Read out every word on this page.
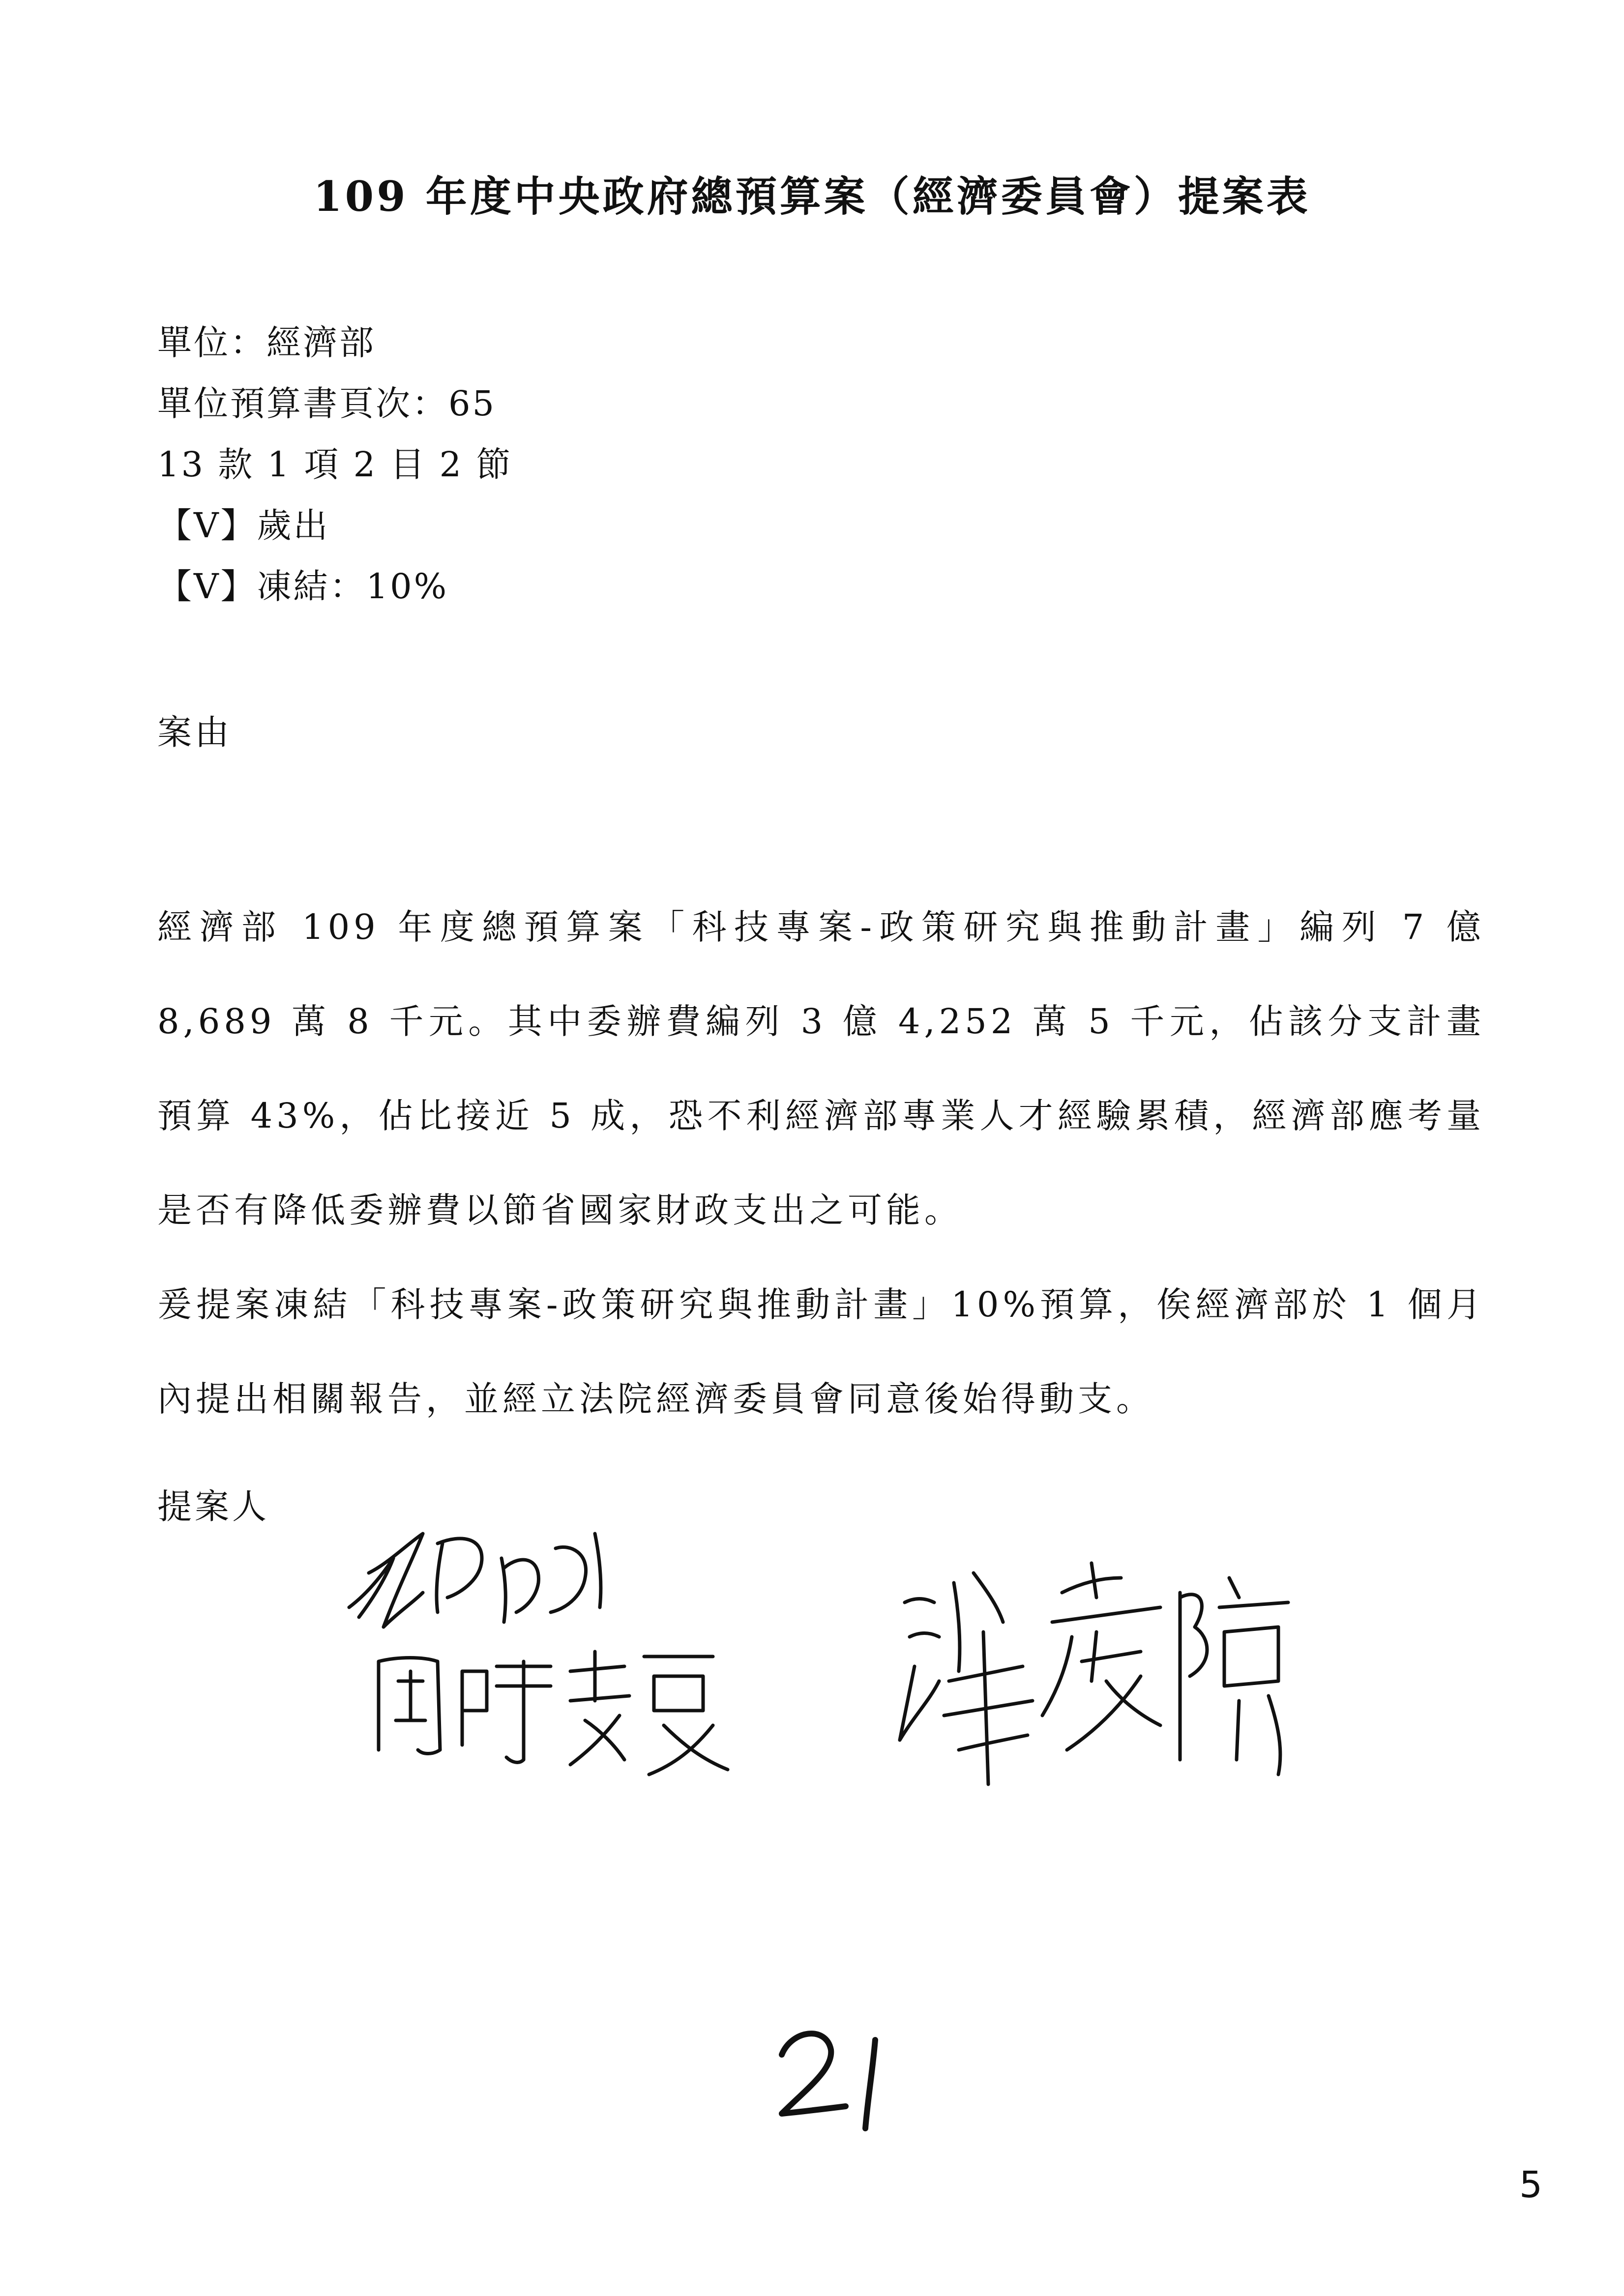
109 年度中央政府總預算案（經濟委員會）提案表
單位：經濟部
單位預算書頁次：65
13 款 1 項 2 目 2 節
【V】歲出
【V】凍結：10%
案由

經濟部 109 年度總預算案「科技專案-政策研究與推動計畫」編列 7 億 8,689 萬 8 千元。其中委辦費編列 3 億 4,252 萬 5 千元，佔該分支計畫預算 43%，佔比接近 5 成，恐不利經濟部專業人才經驗累積，經濟部應考量是否有降低委辦費以節省國家財政支出之可能。

爰提案凍結「科技專案-政策研究與推動計畫」10%預算，俟經濟部於 1 個月內提出相關報告，並經立法院經濟委員會同意後始得動支。

提案人
5
